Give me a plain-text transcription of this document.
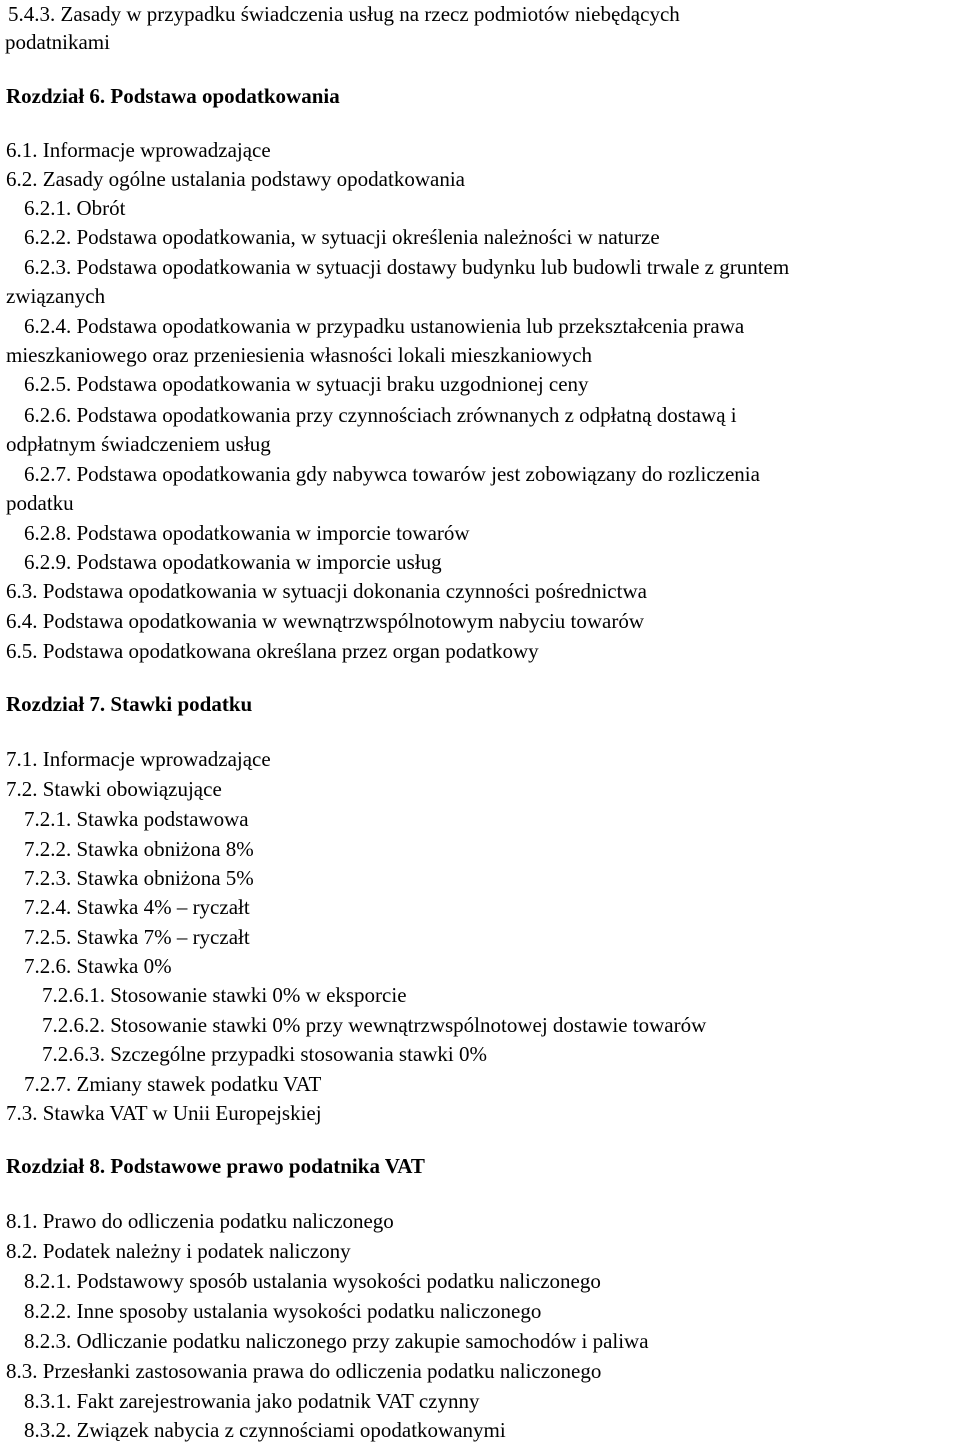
5.4.3. Zasady w przypadku świadczenia usług na rzecz podmiotów niebędących
podatnikami
Rozdział 6. Podstawa opodatkowania
6.1. Informacje wprowadzające
6.2. Zasady ogólne ustalania podstawy opodatkowania
6.2.1. Obrót
6.2.2. Podstawa opodatkowania, w sytuacji określenia należności w naturze
6.2.3. Podstawa opodatkowania w sytuacji dostawy budynku lub budowli trwale z gruntem
związanych
6.2.4. Podstawa opodatkowania w przypadku ustanowienia lub przekształcenia prawa
mieszkaniowego oraz przeniesienia własności lokali mieszkaniowych
6.2.5. Podstawa opodatkowania w sytuacji braku uzgodnionej ceny
6.2.6. Podstawa opodatkowania przy czynnościach zrównanych z odpłatną dostawą i
odpłatnym świadczeniem usług
6.2.7. Podstawa opodatkowania gdy nabywca towarów jest zobowiązany do rozliczenia
podatku
6.2.8. Podstawa opodatkowania w imporcie towarów
6.2.9. Podstawa opodatkowania w imporcie usług
6.3. Podstawa opodatkowania w sytuacji dokonania czynności pośrednictwa
6.4. Podstawa opodatkowania w wewnątrzwspólnotowym nabyciu towarów
6.5. Podstawa opodatkowana określana przez organ podatkowy
Rozdział 7. Stawki podatku
7.1. Informacje wprowadzające
7.2. Stawki obowiązujące
7.2.1. Stawka podstawowa
7.2.2. Stawka obniżona 8%
7.2.3. Stawka obniżona 5%
7.2.4. Stawka 4% – ryczałt
7.2.5. Stawka 7% – ryczałt
7.2.6. Stawka 0%
7.2.6.1. Stosowanie stawki 0% w eksporcie
7.2.6.2. Stosowanie stawki 0% przy wewnątrzwspólnotowej dostawie towarów
7.2.6.3. Szczególne przypadki stosowania stawki 0%
7.2.7. Zmiany stawek podatku VAT
7.3. Stawka VAT w Unii Europejskiej
Rozdział 8. Podstawowe prawo podatnika VAT
8.1. Prawo do odliczenia podatku naliczonego
8.2. Podatek należny i podatek naliczony
8.2.1. Podstawowy sposób ustalania wysokości podatku naliczonego
8.2.2. Inne sposoby ustalania wysokości podatku naliczonego
8.2.3. Odliczanie podatku naliczonego przy zakupie samochodów i paliwa
8.3. Przesłanki zastosowania prawa do odliczenia podatku naliczonego
8.3.1. Fakt zarejestrowania jako podatnik VAT czynny
8.3.2. Związek nabycia z czynnościami opodatkowanymi
